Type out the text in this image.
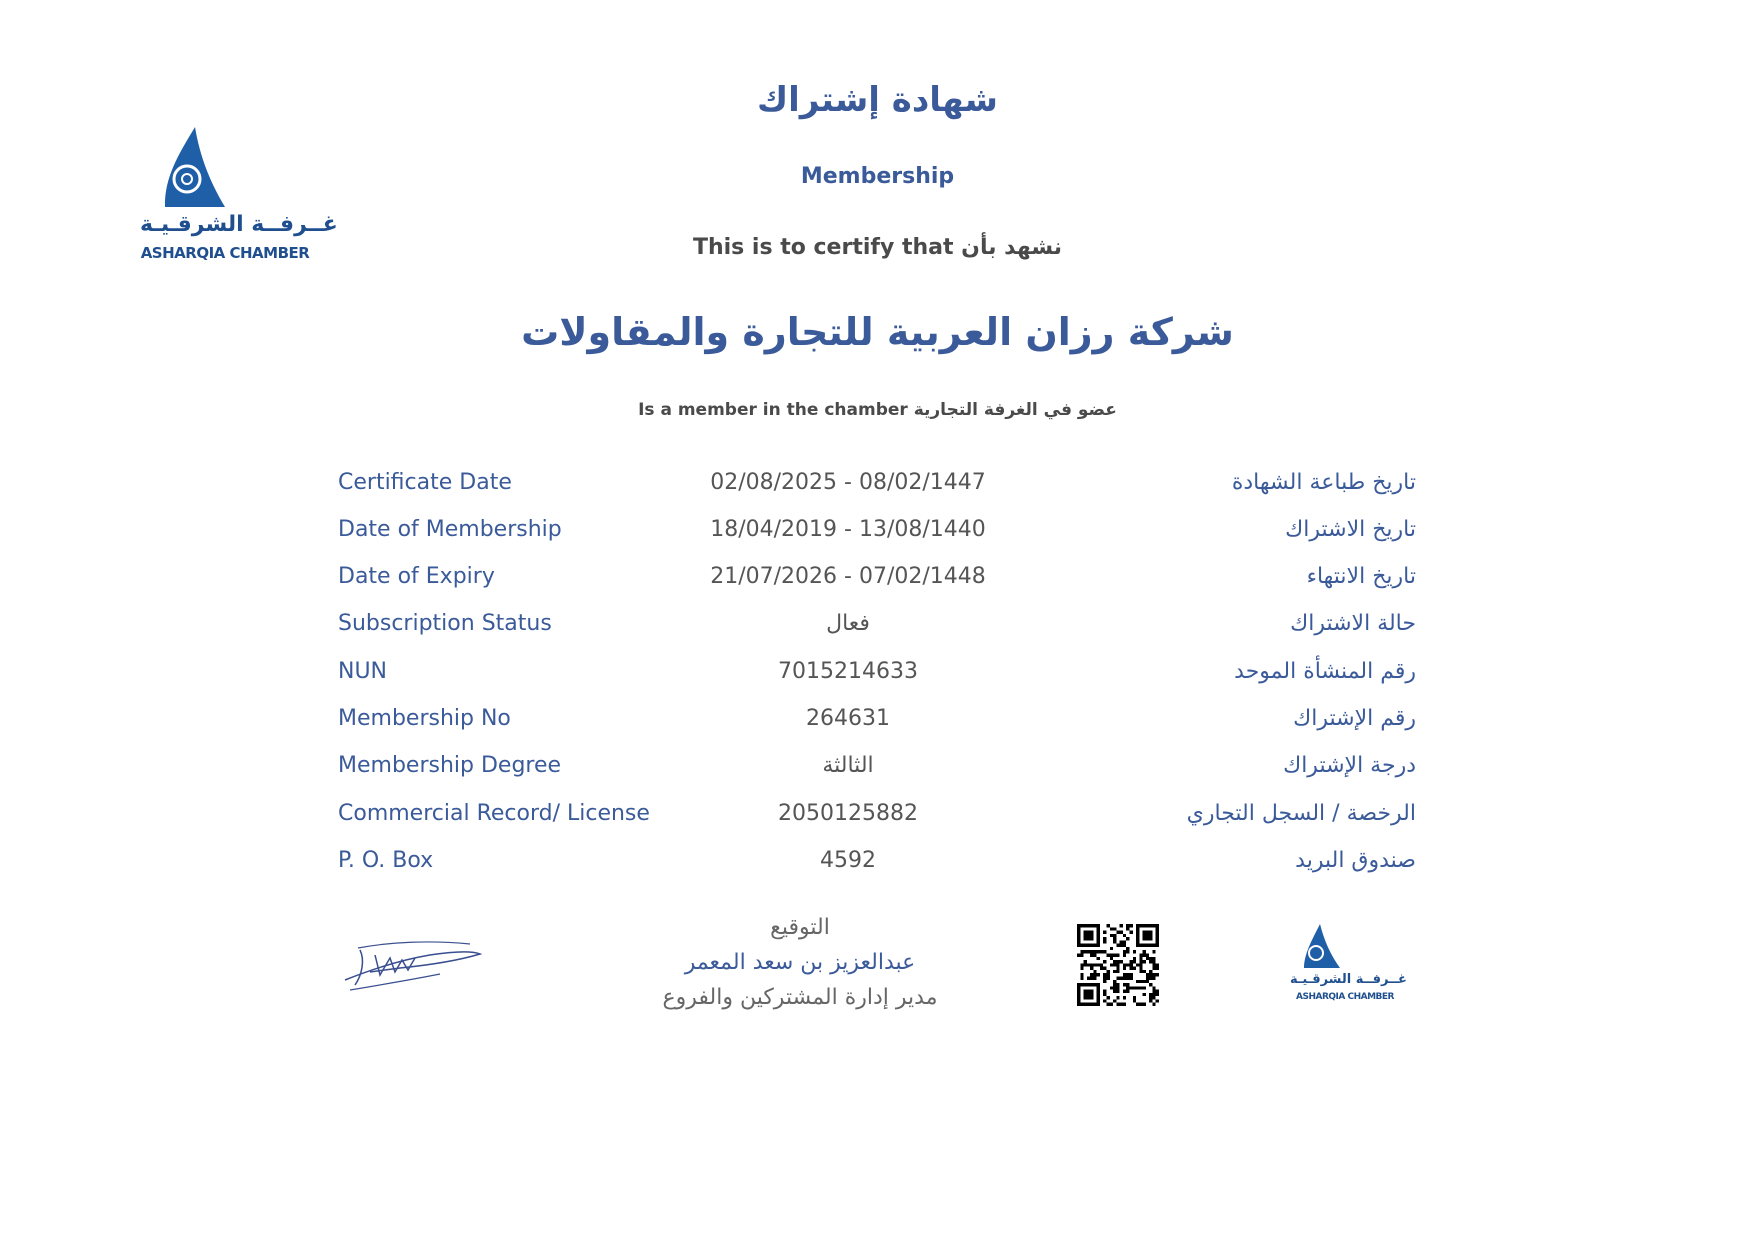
غــرفــة الشرقـيـة
ASHARQIA CHAMBER
شهادة إشتراك
Membership
This is to certify that نشهد بأن
شركة رزان العربية للتجارة والمقاولات
Is a member in the chamber عضو في الغرفة التجارية
Certificate Date	02/08/2025 - 08/02/1447	تاريخ طباعة الشهادة
Date of Membership	18/04/2019 - 13/08/1440	تاريخ الاشتراك
Date of Expiry	21/07/2026 - 07/02/1448	تاريخ الانتهاء
Subscription Status	فعال	حالة الاشتراك
NUN	7015214633	رقم المنشأة الموحد
Membership No	264631	رقم الإشتراك
Membership Degree	الثالثة	درجة الإشتراك
Commercial Record/ License	2050125882	الرخصة / السجل التجاري
P. O. Box	4592	صندوق البريد
التوقيع
عبدالعزيز بن سعد المعمر
مدير إدارة المشتركين والفروع
غــرفــة الشرقـيـة
ASHARQIA CHAMBER
